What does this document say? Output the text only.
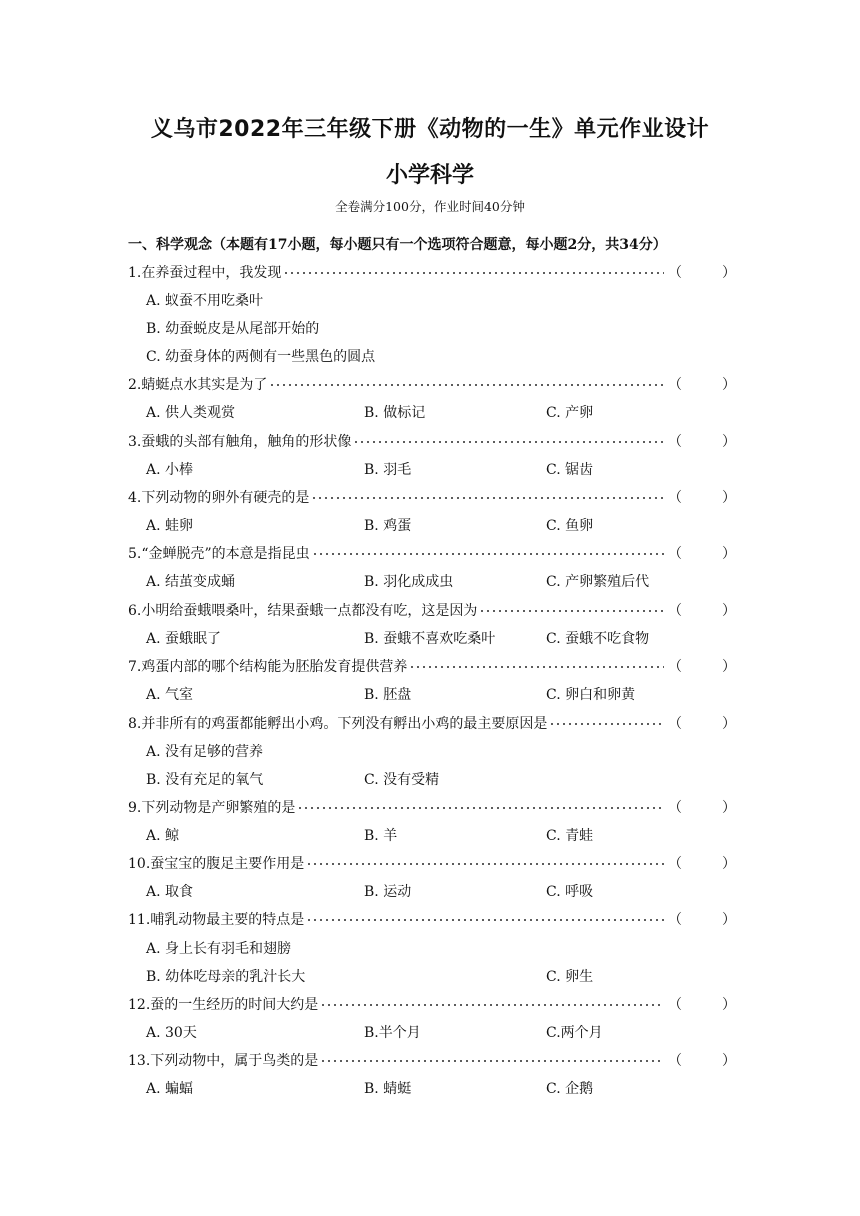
义乌市2022年三年级下册《动物的一生》单元作业设计
小学科学
全卷满分100分，作业时间40分钟
一、科学观念（本题有17小题，每小题只有一个选项符合题意，每小题2分，共34分）
1.在养蚕过程中，我发现	（	）
A. 蚁蚕不用吃桑叶
B. 幼蚕蜕皮是从尾部开始的
C. 幼蚕身体的两侧有一些黑色的圆点
2.蜻蜓点水其实是为了	（	）
A. 供人类观赏	B. 做标记	C. 产卵
3.蚕蛾的头部有触角，触角的形状像	（	）
A. 小棒	B. 羽毛	C. 锯齿
4.下列动物的卵外有硬壳的是	（	）
A. 蛙卵	B. 鸡蛋	C. 鱼卵
5.“金蝉脱壳”的本意是指昆虫	（	）
A. 结茧变成蛹	B. 羽化成成虫	C. 产卵繁殖后代
6.小明给蚕蛾喂桑叶，结果蚕蛾一点都没有吃，这是因为	（	）
A. 蚕蛾眠了	B. 蚕蛾不喜欢吃桑叶	C. 蚕蛾不吃食物
7.鸡蛋内部的哪个结构能为胚胎发育提供营养	（	）
A. 气室	B. 胚盘	C. 卵白和卵黄
8.并非所有的鸡蛋都能孵出小鸡。下列没有孵出小鸡的最主要原因是	（	）
A. 没有足够的营养
B. 没有充足的氧气	C. 没有受精
9.下列动物是产卵繁殖的是	（	）
A. 鲸	B. 羊	C. 青蛙
10.蚕宝宝的腹足主要作用是	（	）
A. 取食	B. 运动	C. 呼吸
11.哺乳动物最主要的特点是	（	）
A. 身上长有羽毛和翅膀
B. 幼体吃母亲的乳汁长大	C. 卵生
12.蚕的一生经历的时间大约是	（	）
A. 30天	B.半个月	C.两个月
13.下列动物中，属于鸟类的是	（	）
A. 蝙蝠	B. 蜻蜓	C. 企鹅
